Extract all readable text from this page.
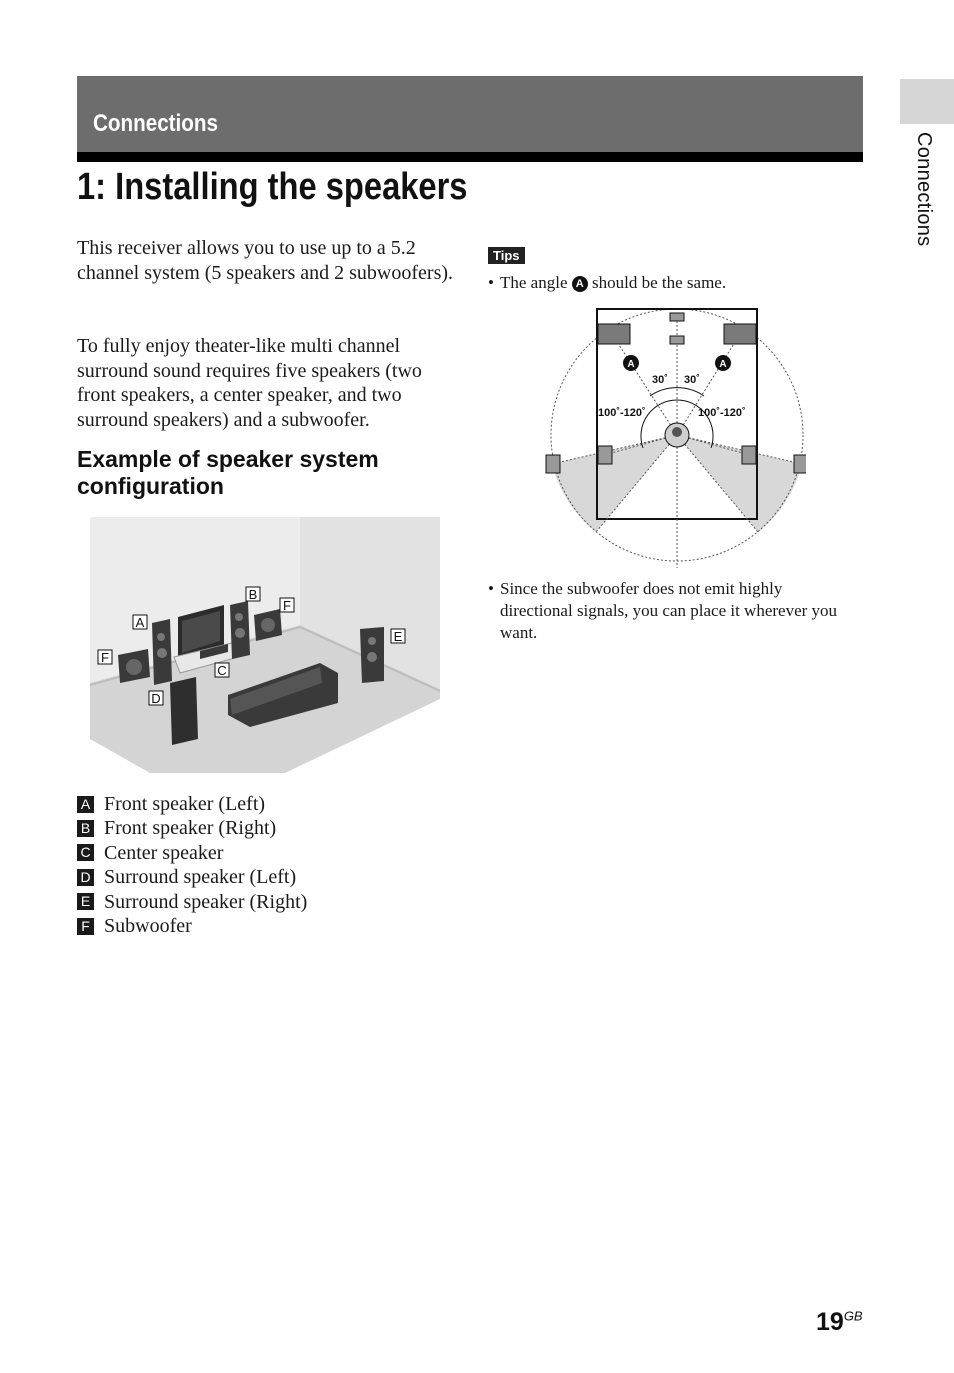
Connections
Connections
1: Installing the speakers

This receiver allows you to use up to a 5.2 channel system (5 speakers and 2 subwoofers).

To fully enjoy theater-like multi channel surround sound requires five speakers (two front speakers, a center speaker, and two surround speakers) and a subwoofer.

Example of speaker system configuration
A
B
F
F
C
D
E
A Front speaker (Left)
B Front speaker (Right)
C Center speaker
D Surround speaker (Left)
E Surround speaker (Right)
F Subwoofer
Tips

• The angle A should be the same.

A	A
30˚ 30˚
100˚-120˚	100˚-120˚

• Since the subwoofer does not emit highly directional signals, you can place it wherever you want.

$19^{GB}$
